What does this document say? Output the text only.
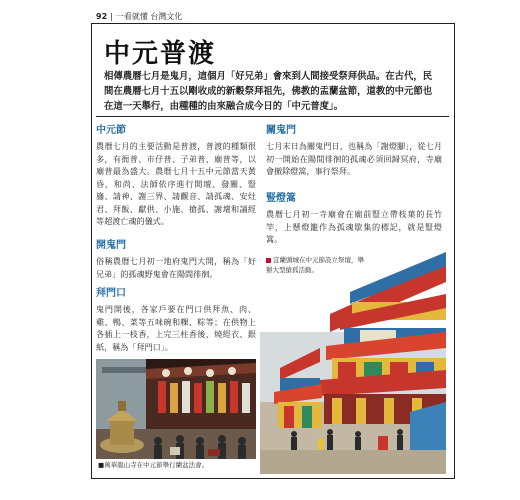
92 | 一看就懂 台灣文化
中元普渡

相傳農曆七月是鬼月，這個月「好兄弟」會來到人間接受祭拜供品。在古代，民間在農曆七月十五以剛收成的新穀祭拜祖先，佛教的盂蘭盆節，道教的中元節也在這一天舉行，由種種的由來融合成今日的「中元普度」。

中元節

農曆七月的主要活動是普渡，普渡的種類很多，有衙普、市仔普、子弟普、廟普等，以廟普最為盛大。農曆七月十五中元節當天黃昏，和尚、法師依序進行開壇、發關、豎旛、請神、謝三界、請觀音、請孤魂、安灶君、拜飯、獻供、小施、搶孤、謝壇和誦經等超渡亡魂的儀式。

開鬼門

俗稱農曆七月初一地府鬼門大開，稱為「好兄弟」的孤魂野鬼會在陽間徘徊。

拜門口

鬼門開後，各家戶要在門口供拜魚、肉、雞、鴨、菜等五味碗和粿、粽等；在供物上各插上一枝香，上完三柱香後，燒經衣、銀紙，稱為「拜門口」。

關鬼門

七月末日為關鬼門日，也稱為「謝燈腳」，從七月初一開始在陽間徘徊的孤魂必須回歸冥府，寺廟會撤除燈篙，事行祭拜。

豎燈篙

農曆七月初一寺廟會在廟前豎立帶枝葉的長竹竿，上懸燈籠作為孤魂歇集的標記，就是豎燈篙。

■萬華龍山寺在中元節舉行蘭盆法會。
宜蘭頭城在中元節設立祭壇，舉辦大型搶孤活動。
